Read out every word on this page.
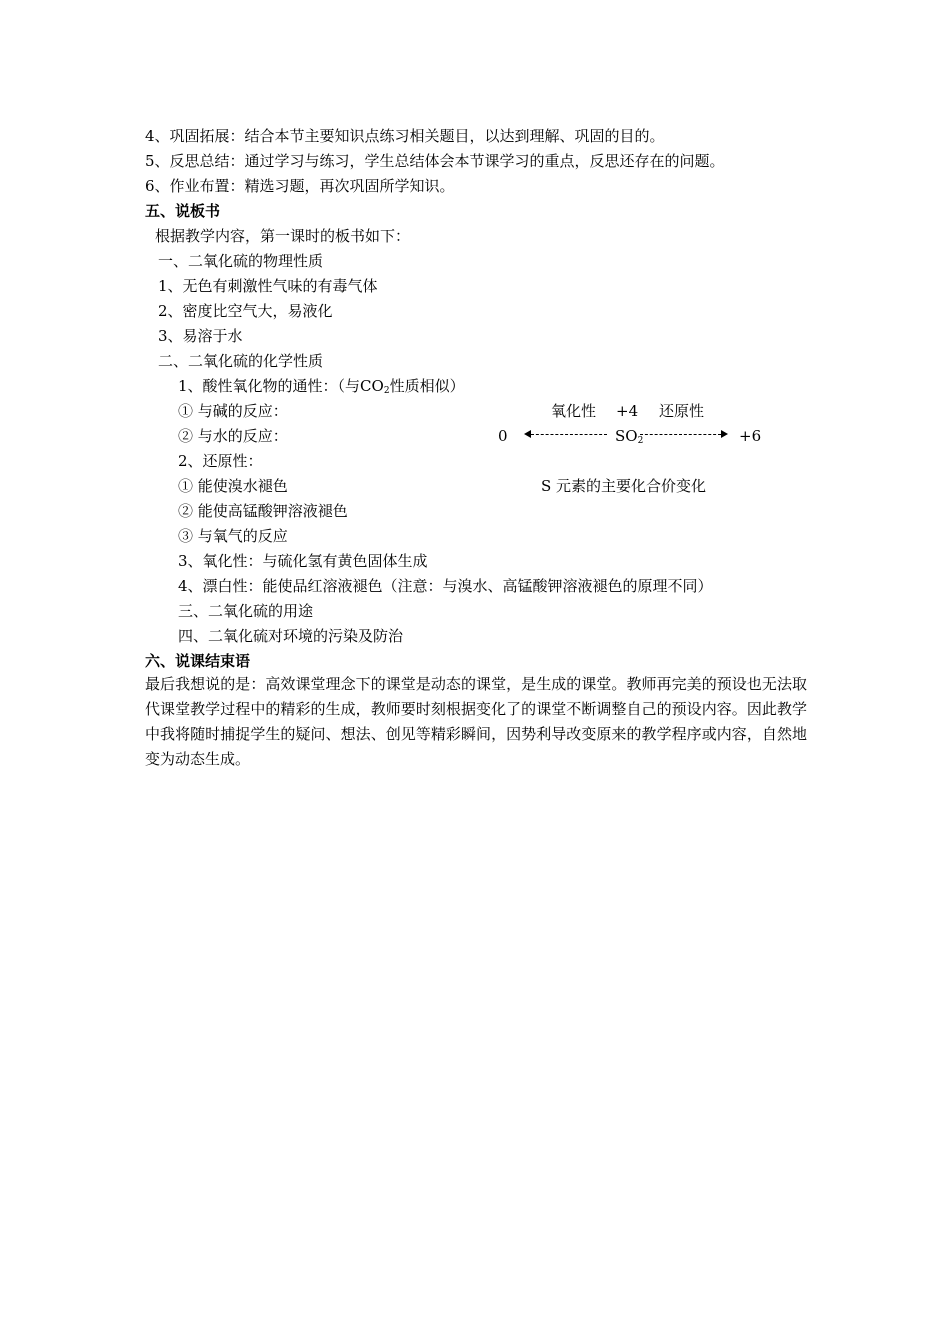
4、巩固拓展：结合本节主要知识点练习相关题目，以达到理解、巩固的目的。
5、反思总结：通过学习与练习，学生总结体会本节课学习的重点，反思还存在的问题。
6、作业布置：精选习题，再次巩固所学知识。
五、说板书
根据教学内容，第一课时的板书如下：
一、二氧化硫的物理性质
1、无色有刺激性气味的有毒气体
2、密度比空气大，易液化
3、易溶于水
二、二氧化硫的化学性质
1、酸性氧化物的通性：（与$CO_2$性质相似）
① 与碱的反应：
② 与水的反应：
2、还原性：
① 能使溴水褪色
② 能使高锰酸钾溶液褪色
③ 与氧气的反应
3、氧化性：与硫化氢有黄色固体生成
4、漂白性：能使品红溶液褪色（注意：与溴水、高锰酸钾溶液褪色的原理不同）
三、二氧化硫的用途
四、二氧化硫对环境的污染及防治
氧化性 +4 还原性
0	$SO_2$	+6
S 元素的主要化合价变化
六、说课结束语
最后我想说的是：高效课堂理念下的课堂是动态的课堂，是生成的课堂。教师再完美的预设也无法取代课堂教学过程中的精彩的生成，教师要时刻根据变化了的课堂不断调整自己的预设内容。因此教学中我将随时捕捉学生的疑问、想法、创见等精彩瞬间，因势利导改变原来的教学程序或内容，自然地变为动态生成。
